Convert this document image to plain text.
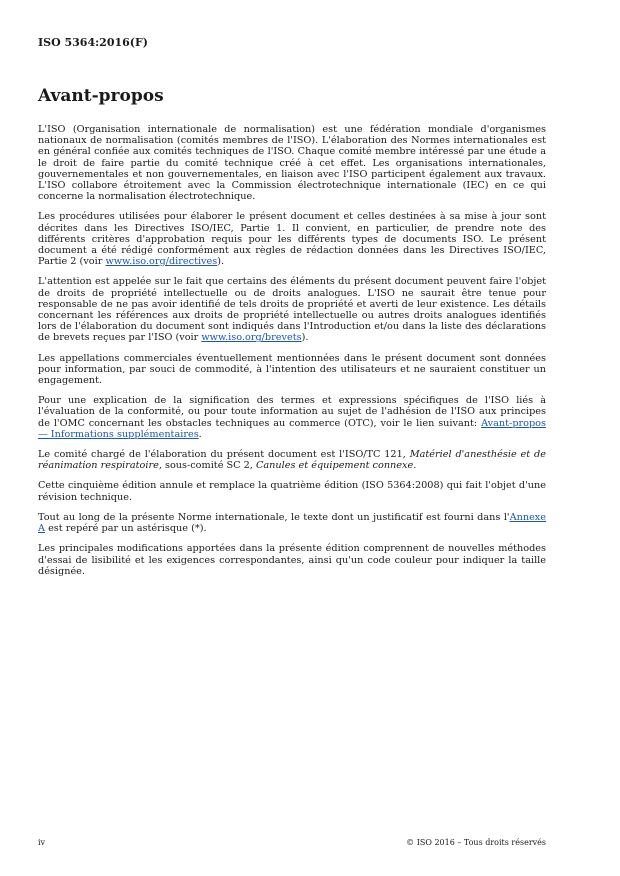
ISO 5364:2016(F)
Avant-propos

L'ISO (Organisation internationale de normalisation) est une fédération mondiale d'organismes nationaux de normalisation (comités membres de l'ISO). L'élaboration des Normes internationales est en général confiée aux comités techniques de l'ISO. Chaque comité membre intéressé par une étude a le droit de faire partie du comité technique créé à cet effet. Les organisations internationales, gouvernementales et non gouvernementales, en liaison avec l'ISO participent également aux travaux. L'ISO collabore étroitement avec la Commission électrotechnique internationale (IEC) en ce qui concerne la normalisation électrotechnique.

Les procédures utilisées pour élaborer le présent document et celles destinées à sa mise à jour sont décrites dans les Directives ISO/IEC, Partie 1. Il convient, en particulier, de prendre note des différents critères d'approbation requis pour les différents types de documents ISO. Le présent document a été rédigé conformément aux règles de rédaction données dans les Directives ISO/IEC, Partie 2 (voir www.iso.org/directives).

L'attention est appelée sur le fait que certains des éléments du présent document peuvent faire l'objet de droits de propriété intellectuelle ou de droits analogues. L'ISO ne saurait être tenue pour responsable de ne pas avoir identifié de tels droits de propriété et averti de leur existence. Les détails concernant les références aux droits de propriété intellectuelle ou autres droits analogues identifiés lors de l'élaboration du document sont indiqués dans l'Introduction et/ou dans la liste des déclarations de brevets reçues par l'ISO (voir www.iso.org/brevets).

Les appellations commerciales éventuellement mentionnées dans le présent document sont données pour information, par souci de commodité, à l'intention des utilisateurs et ne sauraient constituer un engagement.

Pour une explication de la signification des termes et expressions spécifiques de l'ISO liés à l'évaluation de la conformité, ou pour toute information au sujet de l'adhésion de l'ISO aux principes de l'OMC concernant les obstacles techniques au commerce (OTC), voir le lien suivant: Avant-propos — Informations supplémentaires.

Le comité chargé de l'élaboration du présent document est l'ISO/TC 121, Matériel d'anesthésie et de réanimation respiratoire, sous-comité SC 2, Canules et équipement connexe.

Cette cinquième édition annule et remplace la quatrième édition (ISO 5364:2008) qui fait l'objet d'une révision technique.

Tout au long de la présente Norme internationale, le texte dont un justificatif est fourni dans l'Annexe A est repéré par un astérisque (*).

Les principales modifications apportées dans la présente édition comprennent de nouvelles méthodes d'essai de lisibilité et les exigences correspondantes, ainsi qu'un code couleur pour indiquer la taille désignée.

iv	© ISO 2016 – Tous droits réservés
